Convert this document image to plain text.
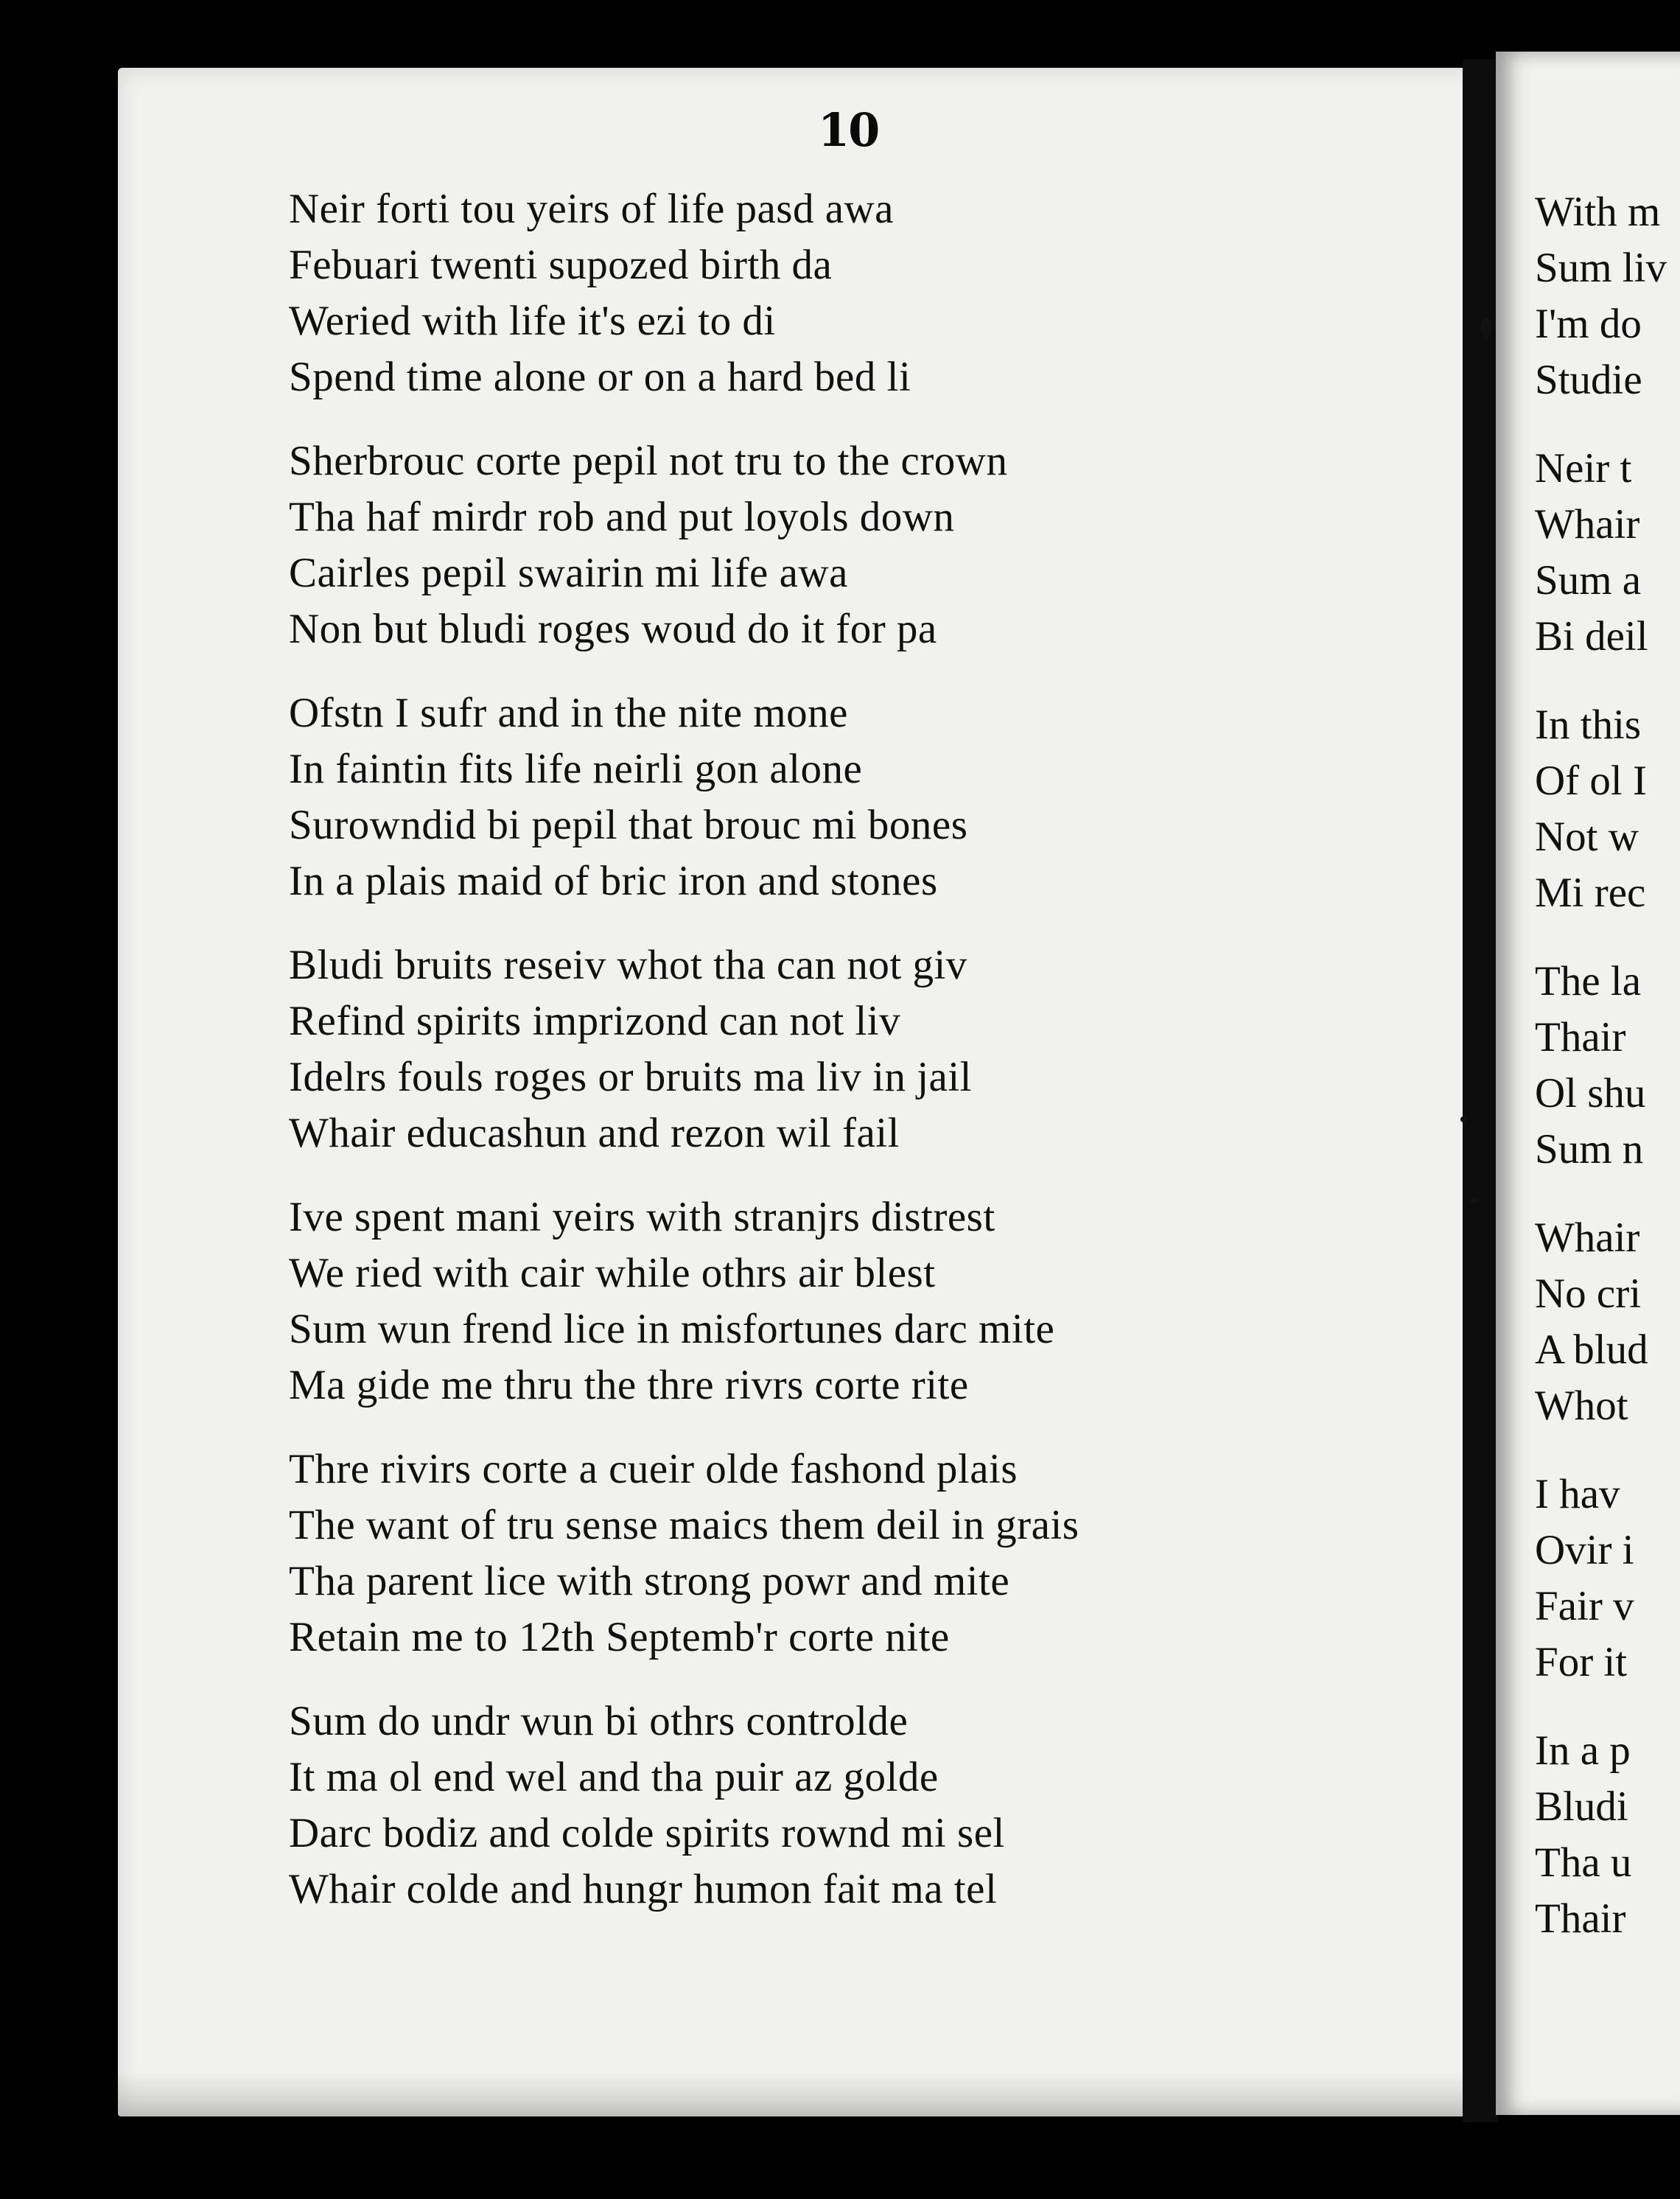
10
Neir forti tou yeirs of life pasd awa
Febuari twenti supozed birth da
Weried with life it's ezi to di
Spend time alone or on a hard bed li
Sherbrouc corte pepil not tru to the crown
Tha haf mirdr rob and put loyols down
Cairles pepil swairin mi life awa
Non but bludi roges woud do it for pa
Ofstn I sufr and in the nite mone
In faintin fits life neirli gon alone
Surowndid bi pepil that brouc mi bones
In a plais maid of bric iron and stones
Bludi bruits reseiv whot tha can not giv
Refind spirits imprizond can not liv
Idelrs fouls roges or bruits ma liv in jail
Whair educashun and rezon wil fail
Ive spent mani yeirs with stranjrs distrest
We ried with cair while othrs air blest
Sum wun frend lice in misfortunes darc mite
Ma gide me thru the thre rivrs corte rite
Thre rivirs corte a cueir olde fashond plais
The want of tru sense maics them deil in grais
Tha parent lice with strong powr and mite
Retain me to 12th Septemb'r corte nite
Sum do undr wun bi othrs controlde
It ma ol end wel and tha puir az golde
Darc bodiz and colde spirits rownd mi sel
Whair colde and hungr humon fait ma tel
With m
Sum liv
I'm do
Studie
Neir t
Whair
Sum a
Bi deil
In this
Of ol I
Not w
Mi rec
The la
Thair
Ol shu
Sum n
Whair
No cri
A blud
Whot
I hav
Ovir i
Fair v
For it
In a p
Bludi
Tha u
Thair
